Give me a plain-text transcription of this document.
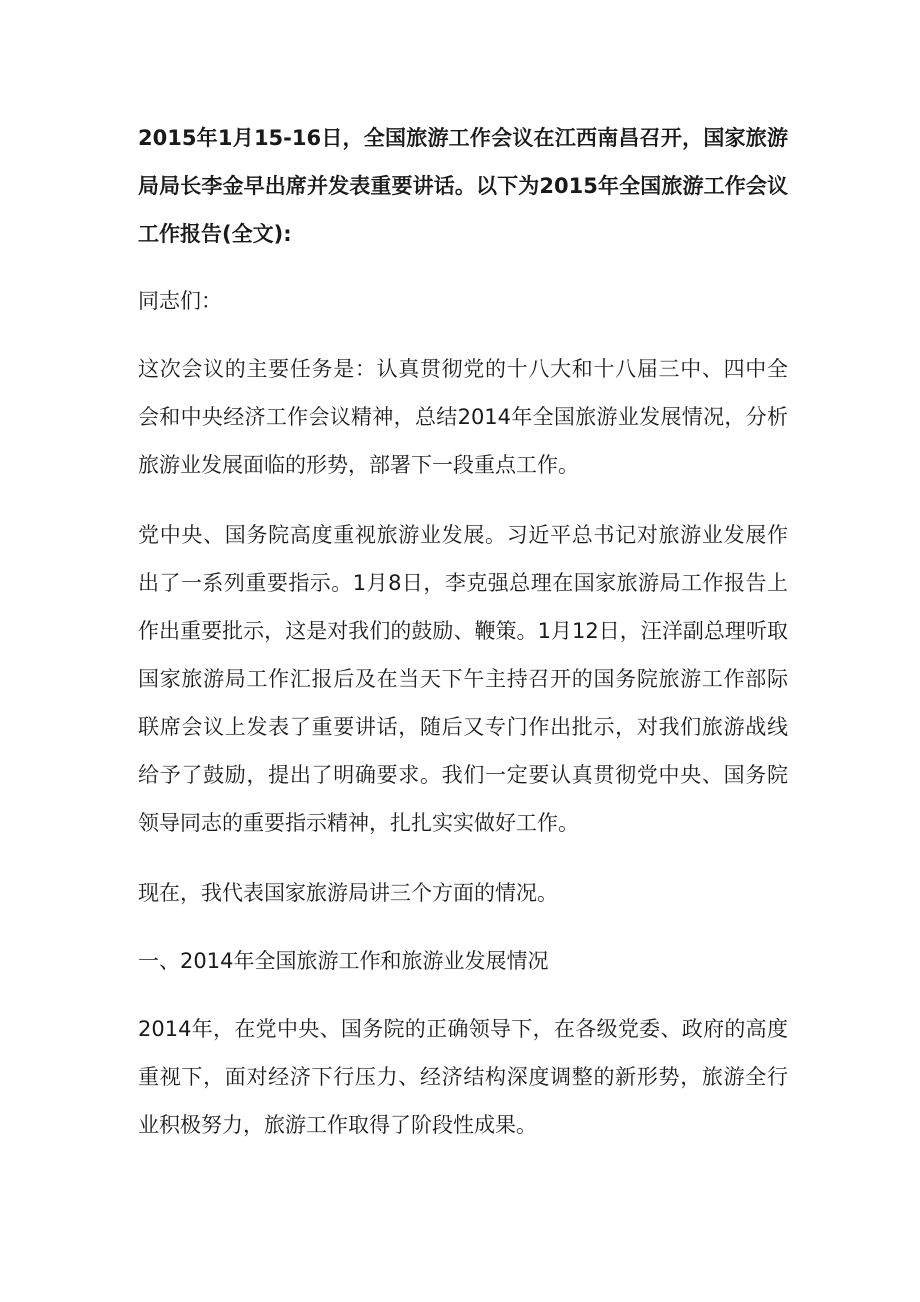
2015年1月15-16日，全国旅游工作会议在江西南昌召开，国家旅游局局长李金早出席并发表重要讲话。以下为2015年全国旅游工作会议工作报告(全文):

同志们：

这次会议的主要任务是：认真贯彻党的十八大和十八届三中、四中全会和中央经济工作会议精神，总结2014年全国旅游业发展情况，分析旅游业发展面临的形势，部署下一段重点工作。

党中央、国务院高度重视旅游业发展。习近平总书记对旅游业发展作出了一系列重要指示。1月8日，李克强总理在国家旅游局工作报告上作出重要批示，这是对我们的鼓励、鞭策。1月12日，汪洋副总理听取国家旅游局工作汇报后及在当天下午主持召开的国务院旅游工作部际联席会议上发表了重要讲话，随后又专门作出批示，对我们旅游战线给予了鼓励，提出了明确要求。我们一定要认真贯彻党中央、国务院领导同志的重要指示精神，扎扎实实做好工作。

现在，我代表国家旅游局讲三个方面的情况。

一、2014年全国旅游工作和旅游业发展情况

2014年，在党中央、国务院的正确领导下，在各级党委、政府的高度重视下，面对经济下行压力、经济结构深度调整的新形势，旅游全行业积极努力，旅游工作取得了阶段性成果。
